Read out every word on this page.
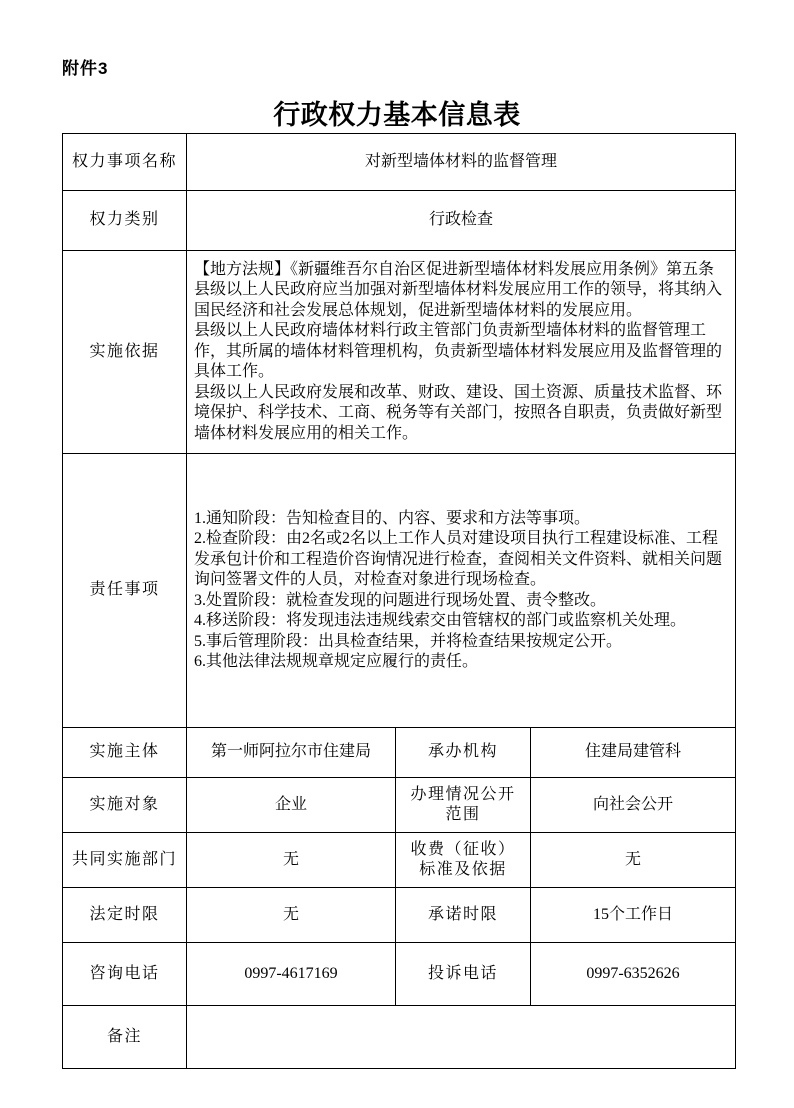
附件3
行政权力基本信息表
权力事项名称	对新型墙体材料的监督管理		
权力类别	行政检查		
实施依据	【地方法规】《新疆维吾尔自治区促进新型墙体材料发展应用条例》第五条县级以上人民政府应当加强对新型墙体材料发展应用工作的领导，将其纳入国民经济和社会发展总体规划，促进新型墙体材料的发展应用。
县级以上人民政府墙体材料行政主管部门负责新型墙体材料的监督管理工作，其所属的墙体材料管理机构，负责新型墙体材料发展应用及监督管理的具体工作。
县级以上人民政府发展和改革、财政、建设、国土资源、质量技术监督、环境保护、科学技术、工商、税务等有关部门，按照各自职责，负责做好新型墙体材料发展应用的相关工作。		

责任事项	
1.通知阶段：告知检查目的、内容、要求和方法等事项。
2.检查阶段：由2名或2名以上工作人员对建设项目执行工程建设标准、工程发承包计价和工程造价咨询情况进行检查，查阅相关文件资料、就相关问题询问签署文件的人员，对检查对象进行现场检查。
3.处置阶段：就检查发现的问题进行现场处置、责令整改。
4.移送阶段：将发现违法违规线索交由管辖权的部门或监察机关处理。
5.事后管理阶段：出具检查结果，并将检查结果按规定公开。
6.其他法律法规规章规定应履行的责任。

实施主体	第一师阿拉尔市住建局	承办机构	住建局建管科
实施对象	企业	办理情况公开范围	向社会公开
共同实施部门	无	收费（征收）标准及依据	无
法定时限	无	承诺时限	15个工作日
咨询电话	0997-4617169	投诉电话	0997-6352626
备注			
